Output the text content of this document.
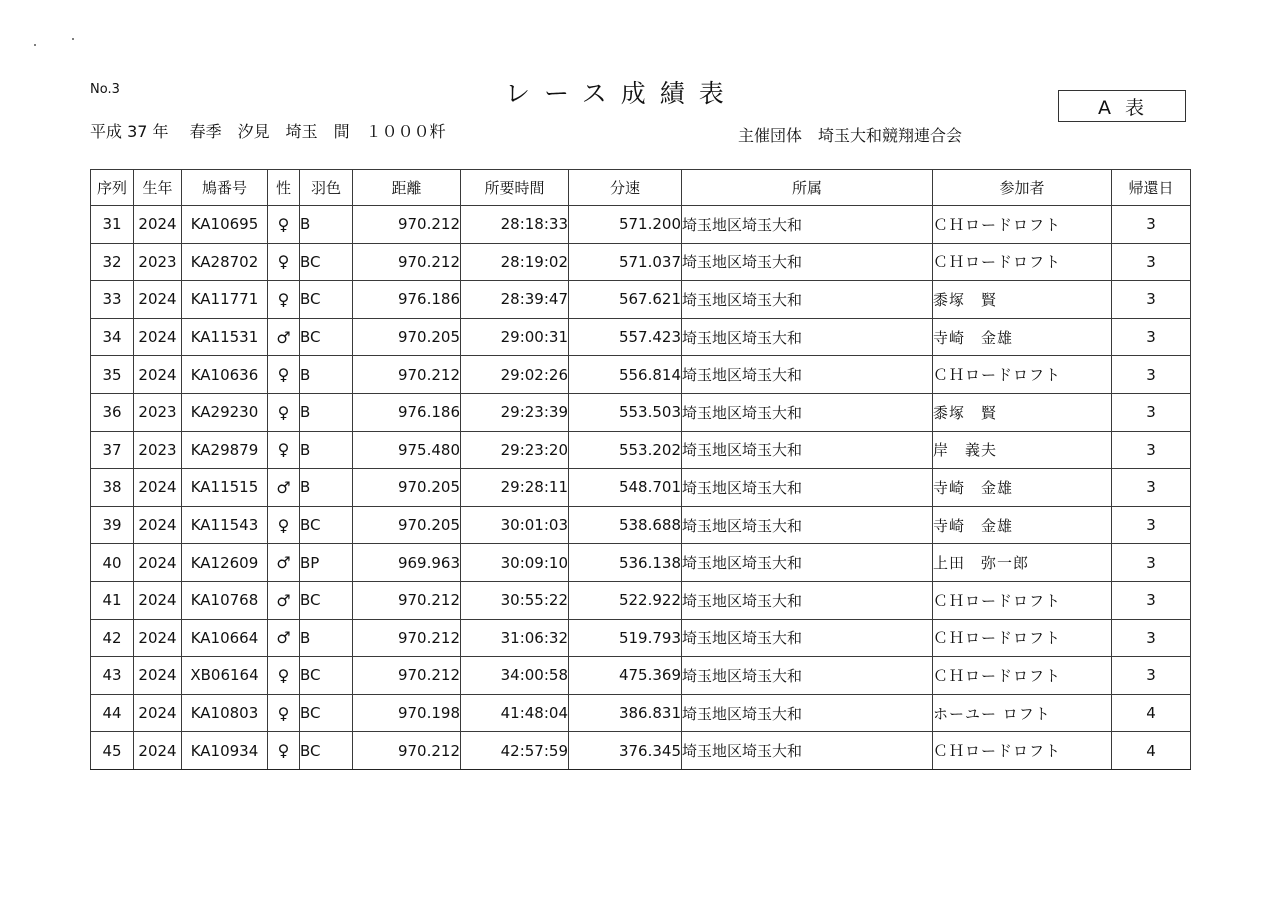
No.3	レース成績表	A表
平成 37 年　 春季　汐見　埼玉　間　１０００粁	主催団体　埼玉大和競翔連合会
序列	生年	鳩番号	性	羽色	距離	所要時間	分速	所属	参加者	帰還日
31	2024	KA10695	♀	B	970.212	28:18:33	571.200	埼玉地区埼玉大和	ＣＨロードロフト	3
32	2023	KA28702	♀	BC	970.212	28:19:02	571.037	埼玉地区埼玉大和	ＣＨロードロフト	3
33	2024	KA11771	♀	BC	976.186	28:39:47	567.621	埼玉地区埼玉大和	黍塚　賢	3
34	2024	KA11531	♂	BC	970.205	29:00:31	557.423	埼玉地区埼玉大和	寺崎　金雄	3
35	2024	KA10636	♀	B	970.212	29:02:26	556.814	埼玉地区埼玉大和	ＣＨロードロフト	3
36	2023	KA29230	♀	B	976.186	29:23:39	553.503	埼玉地区埼玉大和	黍塚　賢	3
37	2023	KA29879	♀	B	975.480	29:23:20	553.202	埼玉地区埼玉大和	岸　義夫	3
38	2024	KA11515	♂	B	970.205	29:28:11	548.701	埼玉地区埼玉大和	寺崎　金雄	3
39	2024	KA11543	♀	BC	970.205	30:01:03	538.688	埼玉地区埼玉大和	寺崎　金雄	3
40	2024	KA12609	♂	BP	969.963	30:09:10	536.138	埼玉地区埼玉大和	上田　弥一郎	3
41	2024	KA10768	♂	BC	970.212	30:55:22	522.922	埼玉地区埼玉大和	ＣＨロードロフト	3
42	2024	KA10664	♂	B	970.212	31:06:32	519.793	埼玉地区埼玉大和	ＣＨロードロフト	3
43	2024	XB06164	♀	BC	970.212	34:00:58	475.369	埼玉地区埼玉大和	ＣＨロードロフト	3
44	2024	KA10803	♀	BC	970.198	41:48:04	386.831	埼玉地区埼玉大和	ホーユー ロフト	4
45	2024	KA10934	♀	BC	970.212	42:57:59	376.345	埼玉地区埼玉大和	ＣＨロードロフト	4
